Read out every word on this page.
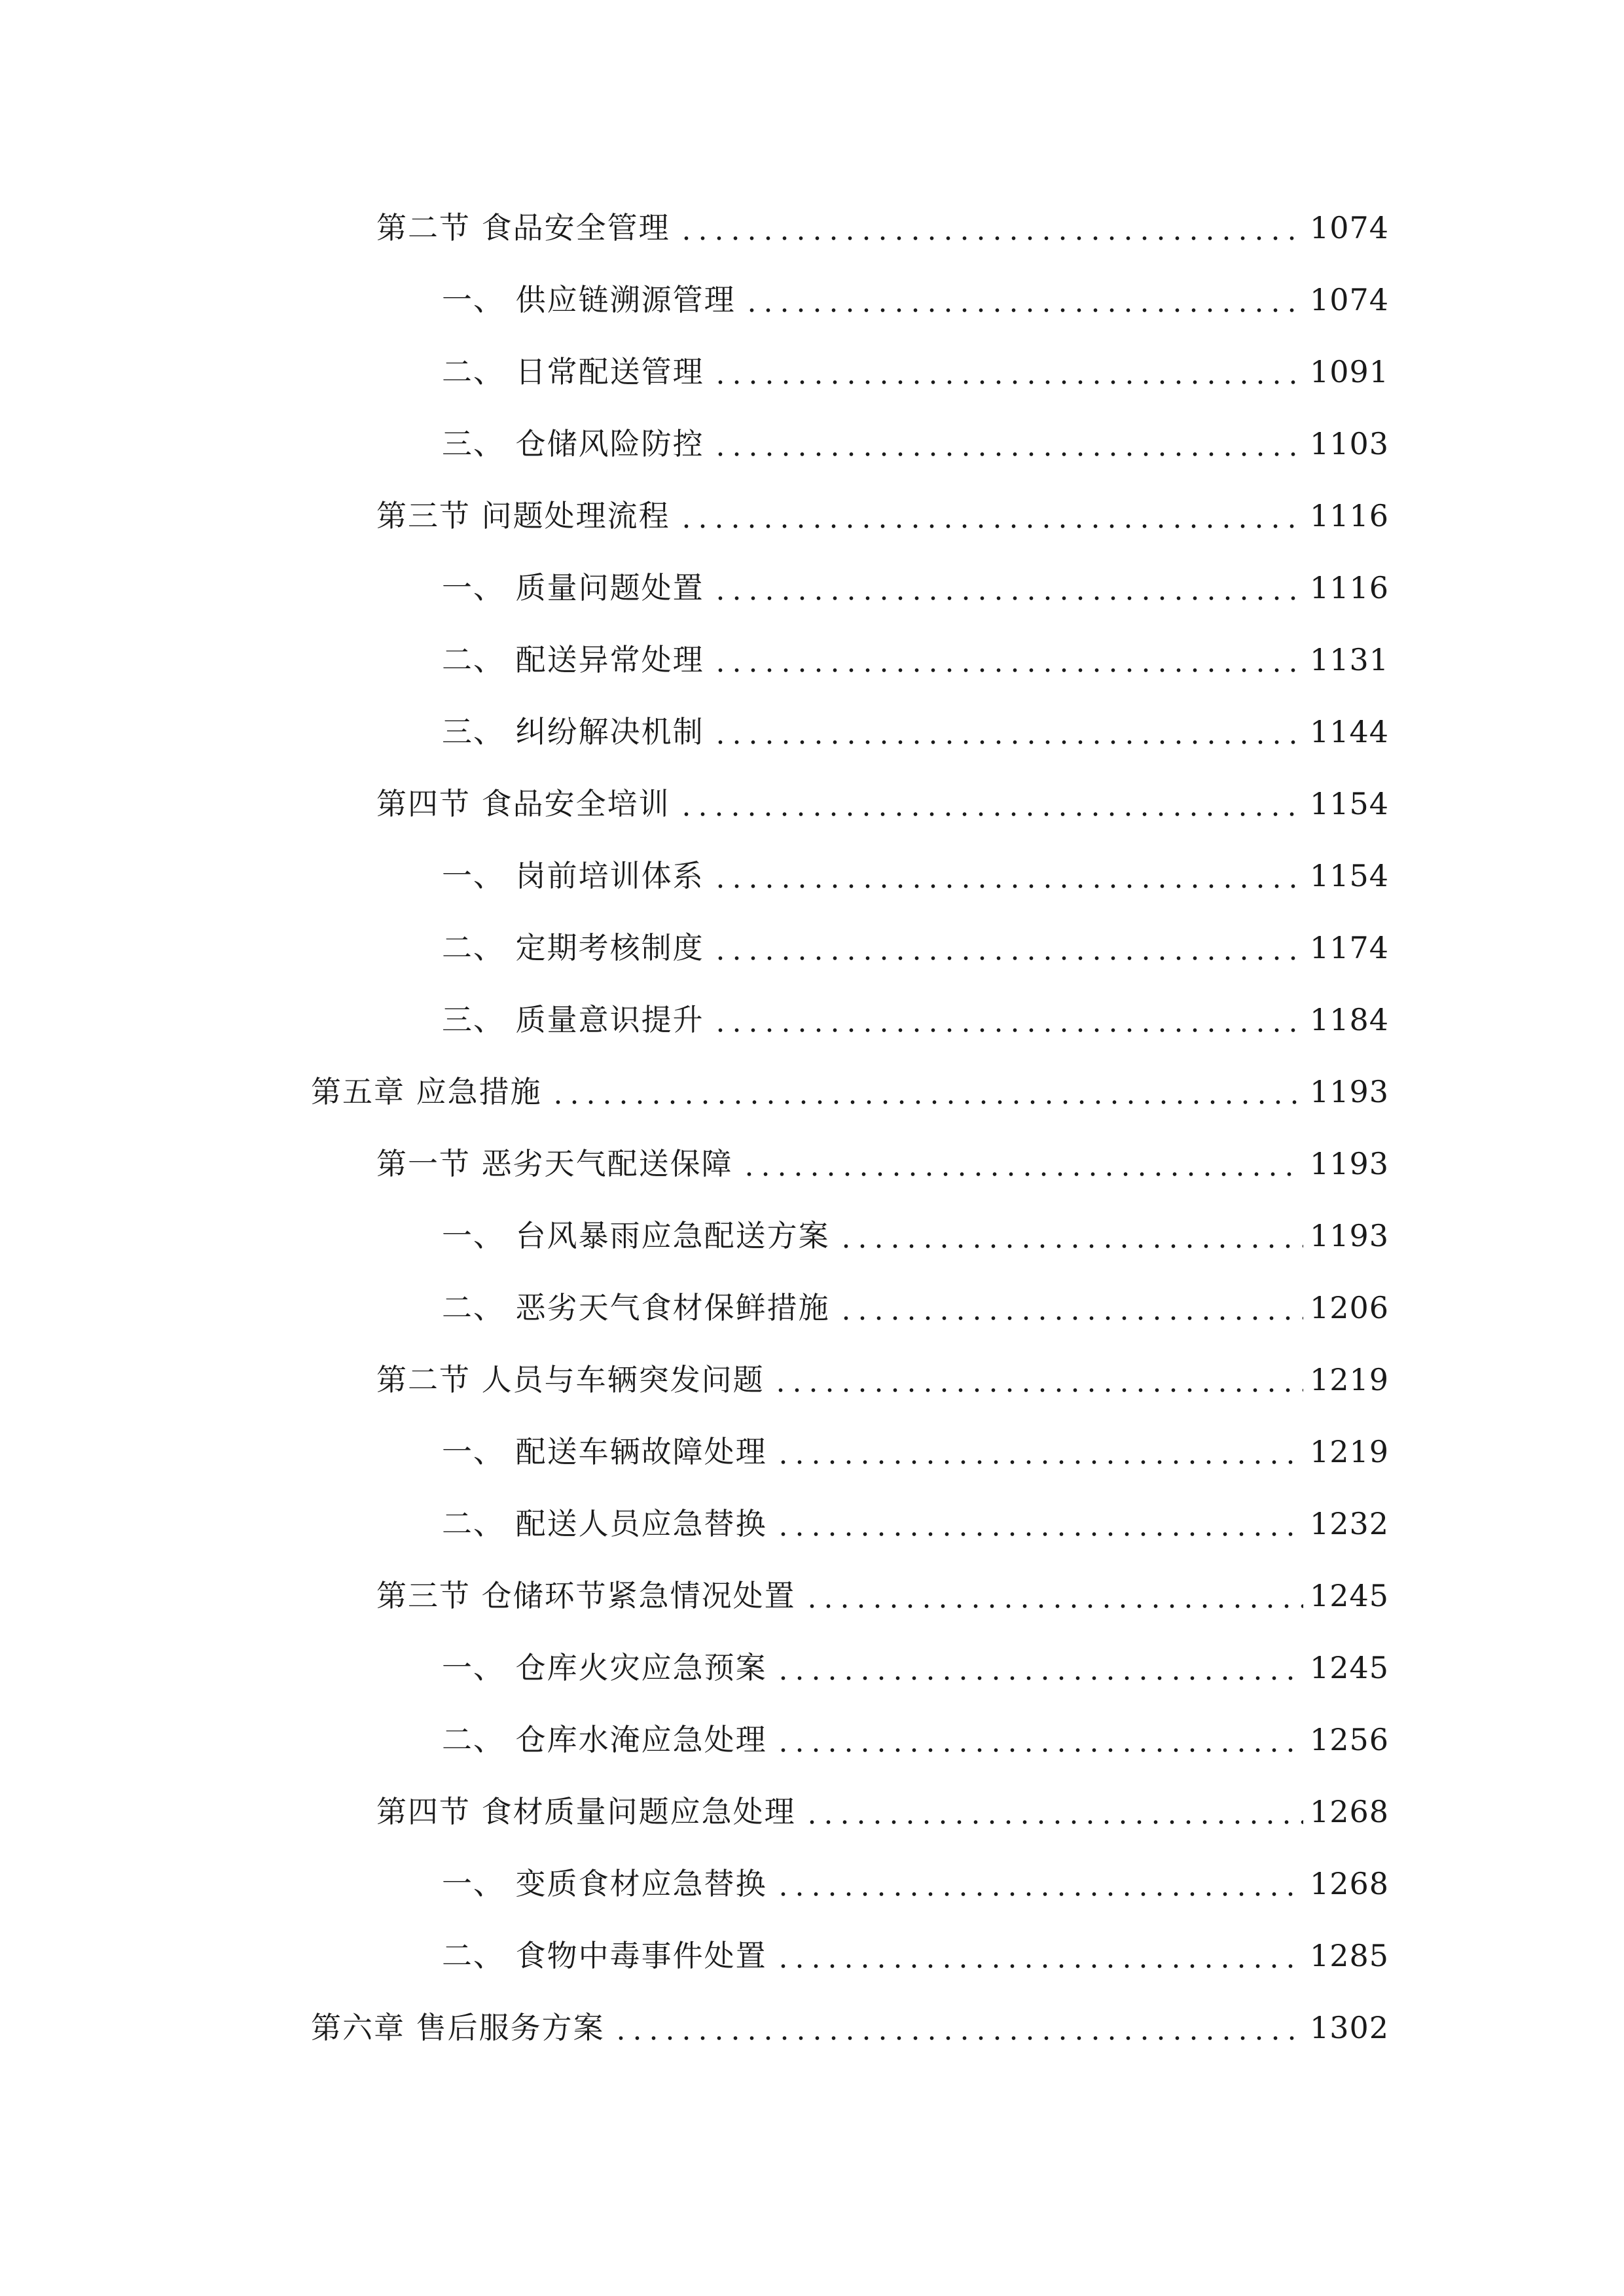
第二节 食品安全管理	1074
一、 供应链溯源管理	1074
二、 日常配送管理	1091
三、 仓储风险防控	1103
第三节 问题处理流程	1116
一、 质量问题处置	1116
二、 配送异常处理	1131
三、 纠纷解决机制	1144
第四节 食品安全培训	1154
一、 岗前培训体系	1154
二、 定期考核制度	1174
三、 质量意识提升	1184
第五章 应急措施	1193
第一节 恶劣天气配送保障	1193
一、 台风暴雨应急配送方案	1193
二、 恶劣天气食材保鲜措施	1206
第二节 人员与车辆突发问题	1219
一、 配送车辆故障处理	1219
二、 配送人员应急替换	1232
第三节 仓储环节紧急情况处置	1245
一、 仓库火灾应急预案	1245
二、 仓库水淹应急处理	1256
第四节 食材质量问题应急处理	1268
一、 变质食材应急替换	1268
二、 食物中毒事件处置	1285
第六章 售后服务方案	1302
